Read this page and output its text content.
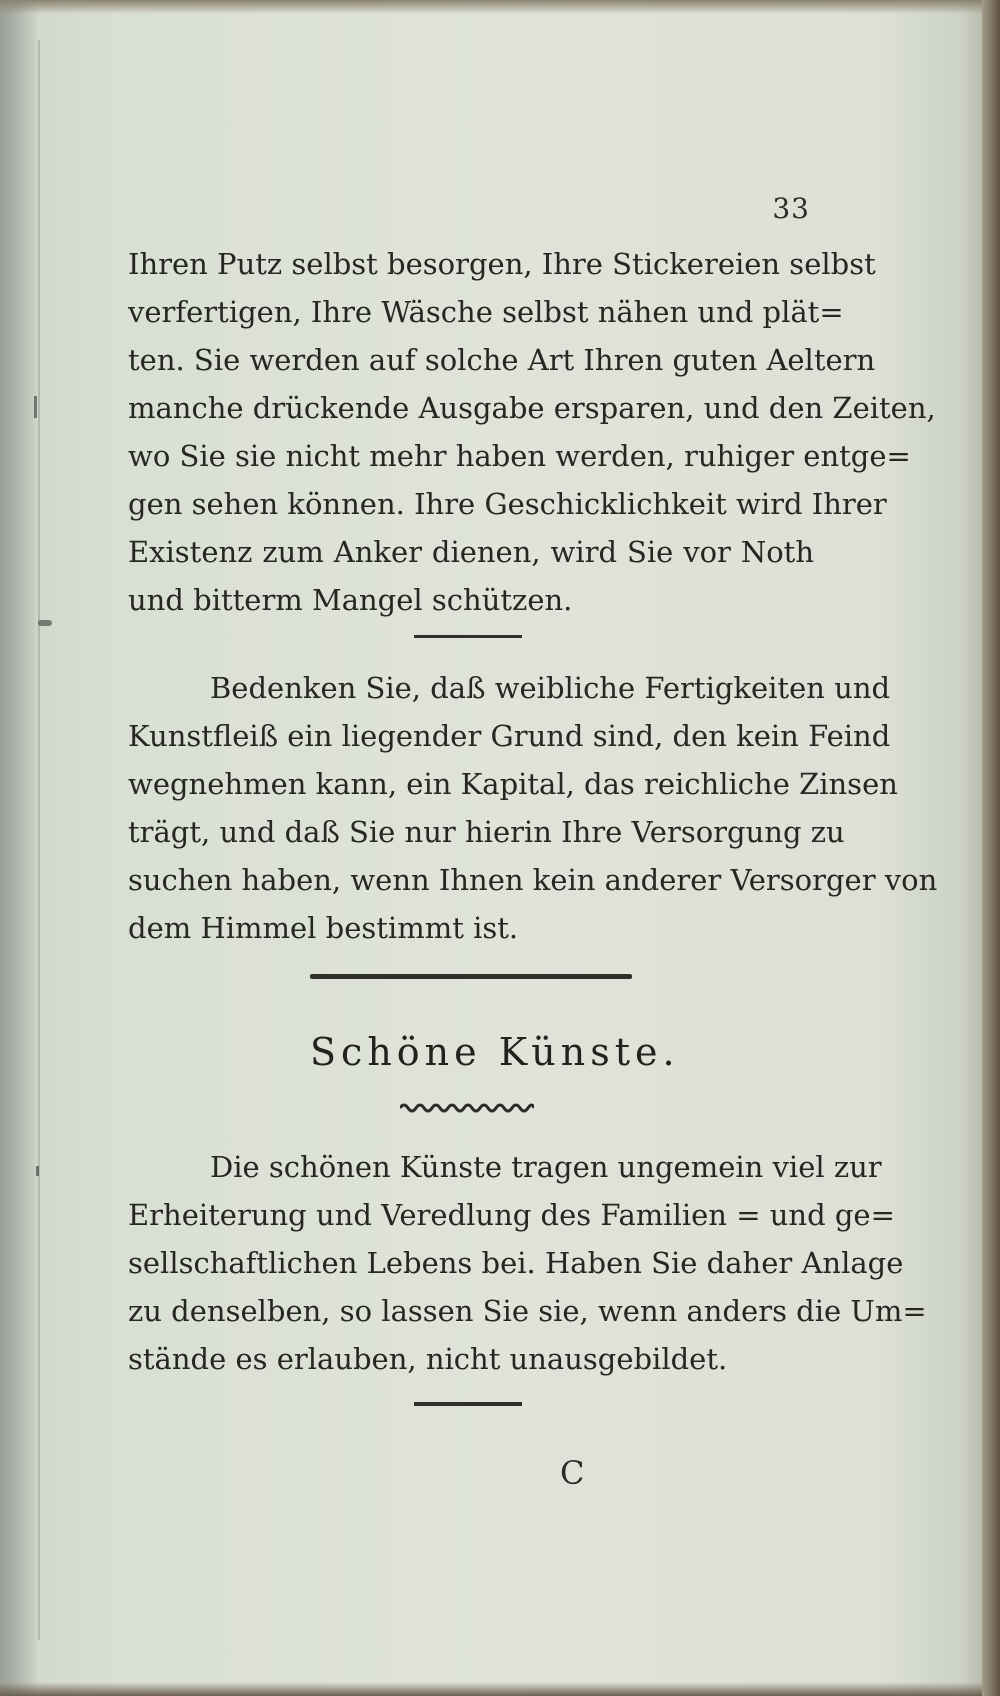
33
Ihren Putz selbst besorgen, Ihre Stickereien selbst
verfertigen, Ihre Wäsche selbst nähen und plät=
ten. Sie werden auf solche Art Ihren guten Aeltern
manche drückende Ausgabe ersparen, und den Zeiten,
wo Sie sie nicht mehr haben werden, ruhiger entge=
gen sehen können. Ihre Geschicklichkeit wird Ihrer
Existenz zum Anker dienen, wird Sie vor Noth
und bitterm Mangel schützen.
Bedenken Sie, daß weibliche Fertigkeiten und
Kunstfleiß ein liegender Grund sind, den kein Feind
wegnehmen kann, ein Kapital, das reichliche Zinsen
trägt, und daß Sie nur hierin Ihre Versorgung zu
suchen haben, wenn Ihnen kein anderer Versorger von
dem Himmel bestimmt ist.
Schöne Künste.
Die schönen Künste tragen ungemein viel zur
Erheiterung und Veredlung des Familien = und ge=
sellschaftlichen Lebens bei. Haben Sie daher Anlage
zu denselben, so lassen Sie sie, wenn anders die Um=
stände es erlauben, nicht unausgebildet.
C
